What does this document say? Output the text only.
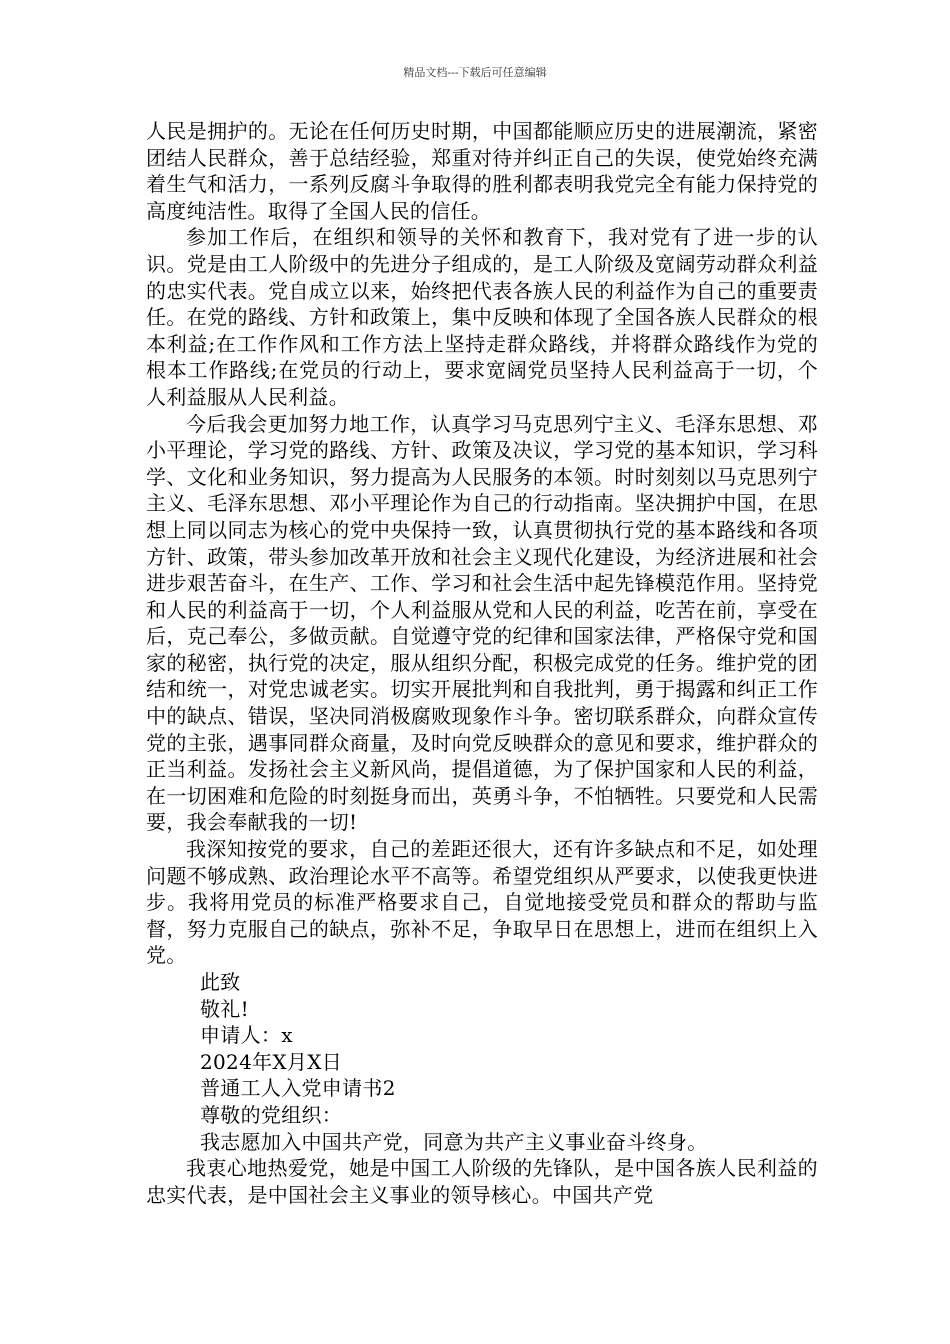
精品文档---下载后可任意编辑

人民是拥护的。无论在任何历史时期，中国都能顺应历史的进展潮流，紧密团结人民群众，善于总结经验，郑重对待并纠正自己的失误，使党始终充满着生气和活力，一系列反腐斗争取得的胜利都表明我党完全有能力保持党的高度纯洁性。取得了全国人民的信任。

参加工作后，在组织和领导的关怀和教育下，我对党有了进一步的认识。党是由工人阶级中的先进分子组成的，是工人阶级及宽阔劳动群众利益的忠实代表。党自成立以来，始终把代表各族人民的利益作为自己的重要责任。在党的路线、方针和政策上，集中反映和体现了全国各族人民群众的根本利益;在工作作风和工作方法上坚持走群众路线，并将群众路线作为党的根本工作路线;在党员的行动上，要求宽阔党员坚持人民利益高于一切，个人利益服从人民利益。

今后我会更加努力地工作，认真学习马克思列宁主义、毛泽东思想、邓小平理论，学习党的路线、方针、政策及决议，学习党的基本知识，学习科学、文化和业务知识，努力提高为人民服务的本领。时时刻刻以马克思列宁主义、毛泽东思想、邓小平理论作为自己的行动指南。坚决拥护中国，在思想上同以同志为核心的党中央保持一致，认真贯彻执行党的基本路线和各项方针、政策，带头参加改革开放和社会主义现代化建设，为经济进展和社会进步艰苦奋斗，在生产、工作、学习和社会生活中起先锋模范作用。坚持党和人民的利益高于一切，个人利益服从党和人民的利益，吃苦在前，享受在后，克己奉公，多做贡献。自觉遵守党的纪律和国家法律，严格保守党和国家的秘密，执行党的决定，服从组织分配，积极完成党的任务。维护党的团结和统一，对党忠诚老实。切实开展批判和自我批判，勇于揭露和纠正工作中的缺点、错误，坚决同消极腐败现象作斗争。密切联系群众，向群众宣传党的主张，遇事同群众商量，及时向党反映群众的意见和要求，维护群众的正当利益。发扬社会主义新风尚，提倡道德，为了保护国家和人民的利益，在一切困难和危险的时刻挺身而出，英勇斗争，不怕牺牲。只要党和人民需要，我会奉献我的一切!

我深知按党的要求，自己的差距还很大，还有许多缺点和不足，如处理问题不够成熟、政治理论水平不高等。希望党组织从严要求，以使我更快进步。我将用党员的标准严格要求自己，自觉地接受党员和群众的帮助与监督，努力克服自己的缺点，弥补不足，争取早日在思想上，进而在组织上入党。

此致

敬礼!

申请人：x

2024年X月X日

普通工人入党申请书2

尊敬的党组织：

我志愿加入中国共产党，同意为共产主义事业奋斗终身。

我衷心地热爱党，她是中国工人阶级的先锋队，是中国各族人民利益的忠实代表，是中国社会主义事业的领导核心。中国共产党
